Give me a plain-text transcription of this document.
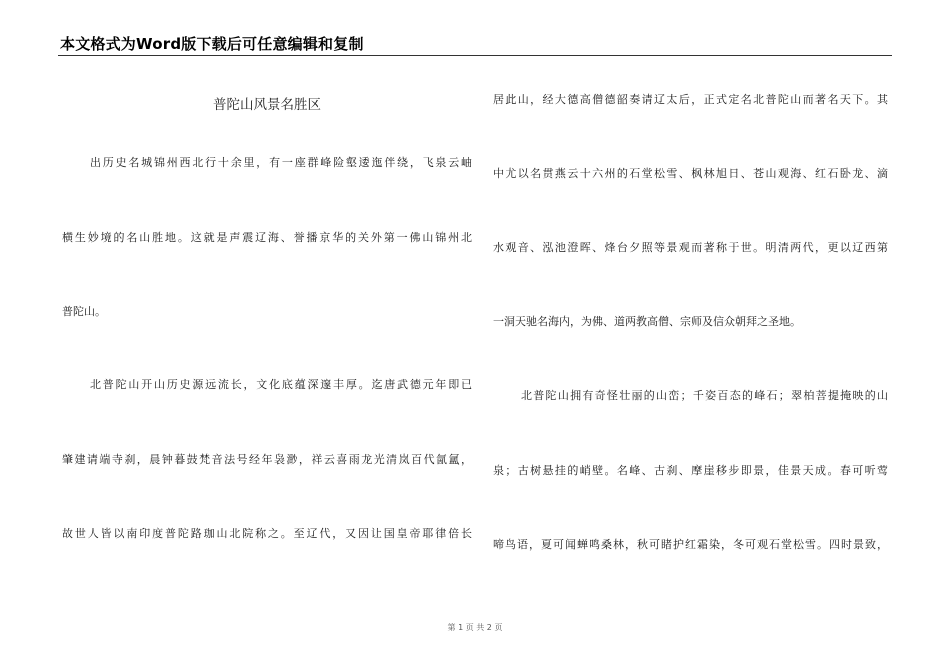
本文格式为Word版下载后可任意编辑和复制
普陀山风景名胜区
出历史名城锦州西北行十余里，有一座群峰险壑逶迤伴绕，飞泉云岫
横生妙境的名山胜地。这就是声震辽海、誉播京华的关外第一佛山锦州北
普陀山。
北普陀山开山历史源远流长，文化底蕴深邃丰厚。迄唐武德元年即已
肇建请端寺刹，晨钟暮鼓梵音法号经年袅渺，祥云喜雨龙光清岚百代氤氲，
故世人皆以南印度普陀路珈山北院称之。至辽代，又因让国皇帝耶律倍长
居此山，经大德高僧德韶奏请辽太后，正式定名北普陀山而著名天下。其
中尤以名贯燕云十六州的石堂松雪、枫林旭日、苍山观海、红石卧龙、滴
水观音、泓池澄晖、烽台夕照等景观而著称于世。明清两代，更以辽西第
一洞天驰名海内，为佛、道两教高僧、宗师及信众朝拜之圣地。
北普陀山拥有奇怪壮丽的山峦；千姿百态的峰石；翠柏菩提掩映的山
泉；古树悬挂的峭壁。名峰、古刹、摩崖移步即景，佳景天成。春可听莺
啼鸟语，夏可闻蝉鸣桑林，秋可睹护红霜染，冬可观石堂松雪。四时景致，
第 1 页 共 2 页
